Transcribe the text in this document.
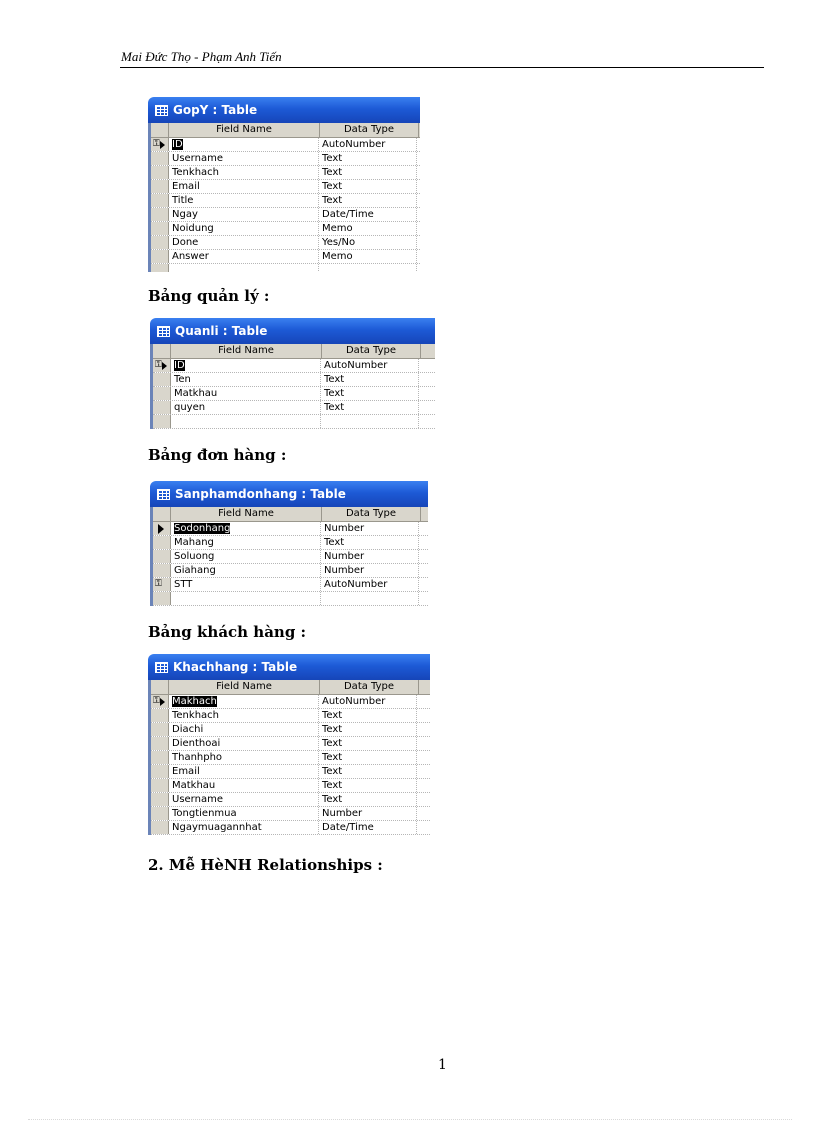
Mai Đức Thọ - Phạm Anh Tiến
GopY : Table
Field Name	Data Type
⚿	ID	AutoNumber
Username	Text
Tenkhach	Text
Email	Text
Title	Text
Ngay	Date/Time
Noidung	Memo
Done	Yes/No
Answer	Memo
Bảng quản lý :
Quanli : Table
Field Name	Data Type
⚿	ID	AutoNumber
Ten	Text
Matkhau	Text
quyen	Text
Bảng đơn hàng :
Sanphamdonhang : Table
Field Name	Data Type
Sodonhang	Number
Mahang	Text
Soluong	Number
Giahang	Number
⚿	STT	AutoNumber
Bảng khách hàng :
Khachhang : Table
Field Name	Data Type
⚿	Makhach	AutoNumber
Tenkhach	Text
Diachi	Text
Dienthoai	Text
Thanhpho	Text
Email	Text
Matkhau	Text
Username	Text
Tongtienmua	Number
Ngaymuagannhat	Date/Time
2. Mễ HèNH Relationships :
1
